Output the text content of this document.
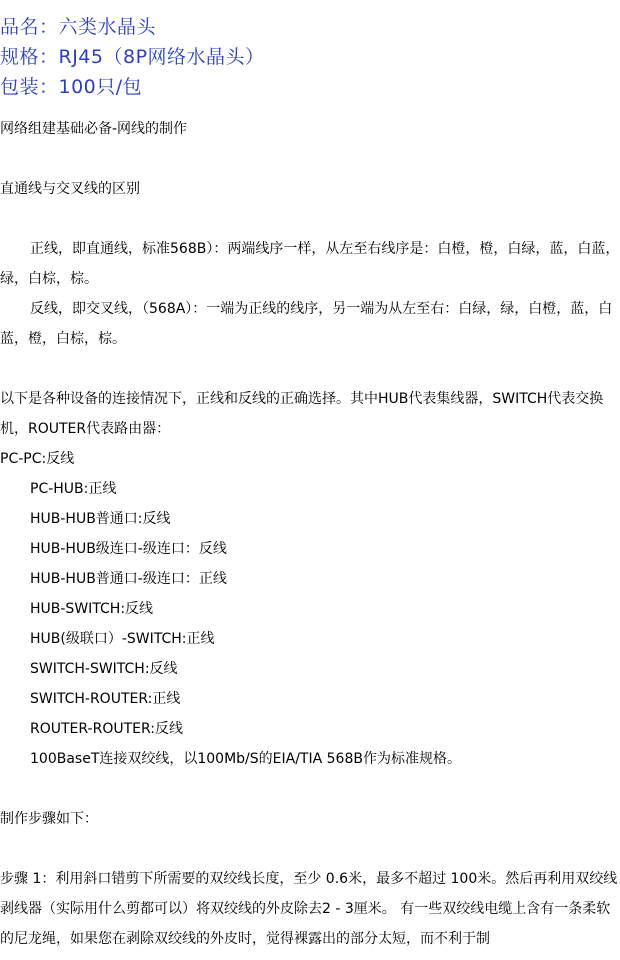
品名：六类水晶头

规格：RJ45（8P网络水晶头）

包装：100只/包

网络组建基础必备-网线的制作

直通线与交叉线的区别

正线，即直通线，标准568B）：两端线序一样，从左至右线序是：白橙，橙，白绿，蓝，白蓝，绿，白棕，棕。

反线，即交叉线，（568A）：一端为正线的线序，另一端为从左至右：白绿，绿，白橙，蓝，白蓝，橙，白棕，棕。

以下是各种设备的连接情况下，正线和反线的正确选择。其中HUB代表集线器，SWITCH代表交换机，ROUTER代表路由器：

PC-PC:反线

PC-HUB:正线

HUB-HUB普通口:反线

HUB-HUB级连口-级连口：反线

HUB-HUB普通口-级连口：正线

HUB-SWITCH:反线

HUB(级联口）-SWITCH:正线

SWITCH-SWITCH:反线

SWITCH-ROUTER:正线

ROUTER-ROUTER:反线

100BaseT连接双绞线，以100Mb/S的EIA/TIA 568B作为标准规格。

制作步骤如下：

步骤 1：利用斜口错剪下所需要的双绞线长度，至少 0.6米，最多不超过 100米。然后再利用双绞线剥线器（实际用什么剪都可以）将双绞线的外皮除去2 - 3厘米。 有一些双绞线电缆上含有一条柔软的尼龙绳，如果您在剥除双绞线的外皮时，觉得裸露出的部分太短，而不利于制
